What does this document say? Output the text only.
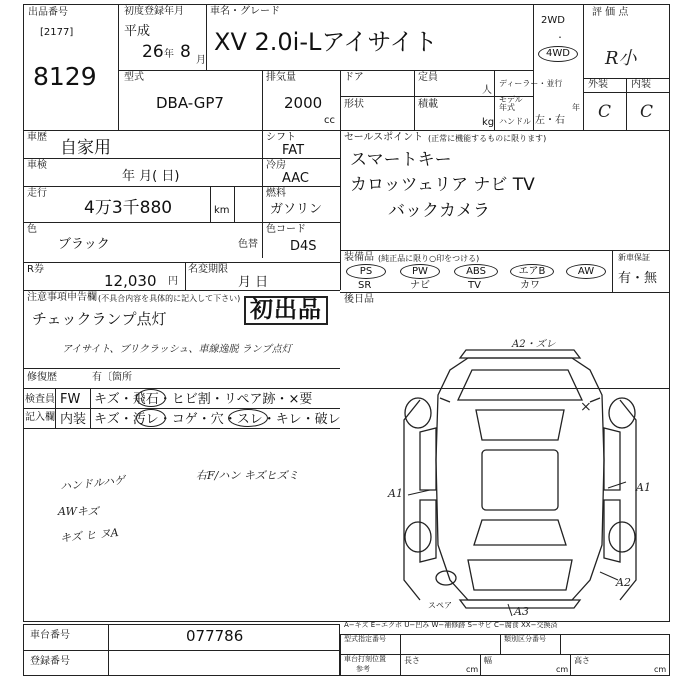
出品番号
[2177]
8129
初度登録年月
平成
26 年 8 月
車名・グレード
XV 2.0i-Lアイサイト
2WD
・
4WD
評 価 点
R小
外装 内装
C C
型式
DBA-GP7
排気量
2000
cc
ドア	定員
人
形状	積載
kg
ディーラー・並行
モデル年式	年
ハンドル 左・右
車歴
自家用
車検
年 月( 日)
走行
4万3千880	km
色
ブラック
R券
12,030 円
名変期限
月 日
注意事項申告欄 (不具合内容を具体的に記入して下さい)
チェックランプ点灯
アイサイト、ブリクラッシュ、車線逸脱 ランプ点灯
初出品
修復歴	有〔箇所
シフト
FAT
冷房
AAC
燃料
ガソリン
色コード
D4S
色替
セールスポイント (正常に機能するものに限ります)
スマートキー
カロッツェリア ナビ TV
バックカメラ
装備品 (純正品に限り○印をつける)
PS	PW	ABS	エアB	AW
SR	ナビ	TV	カワ
新車保証
有・無
後日品
検査員
記入欄
FW キズ・飛石・ヒビ割・リペア跡・×要
内装 キズ・汚レ・コゲ・穴・スレ・キレ・破レ
ハンドルハゲ
AWキズ
キズ ヒ ヌA
右F/ハン キズヒズミ
A2・ズレ
A1
×
A1
A2
A3
スペア
A−キズ E−エクボ U−凹み W−補修跡 S−サビ C−腐食 XX−交換済
車台番号	077786
登録番号
型式指定番号	類別区分番号
車台打刻位置
参考
長さ
cm
幅
cm
高さ
cm
